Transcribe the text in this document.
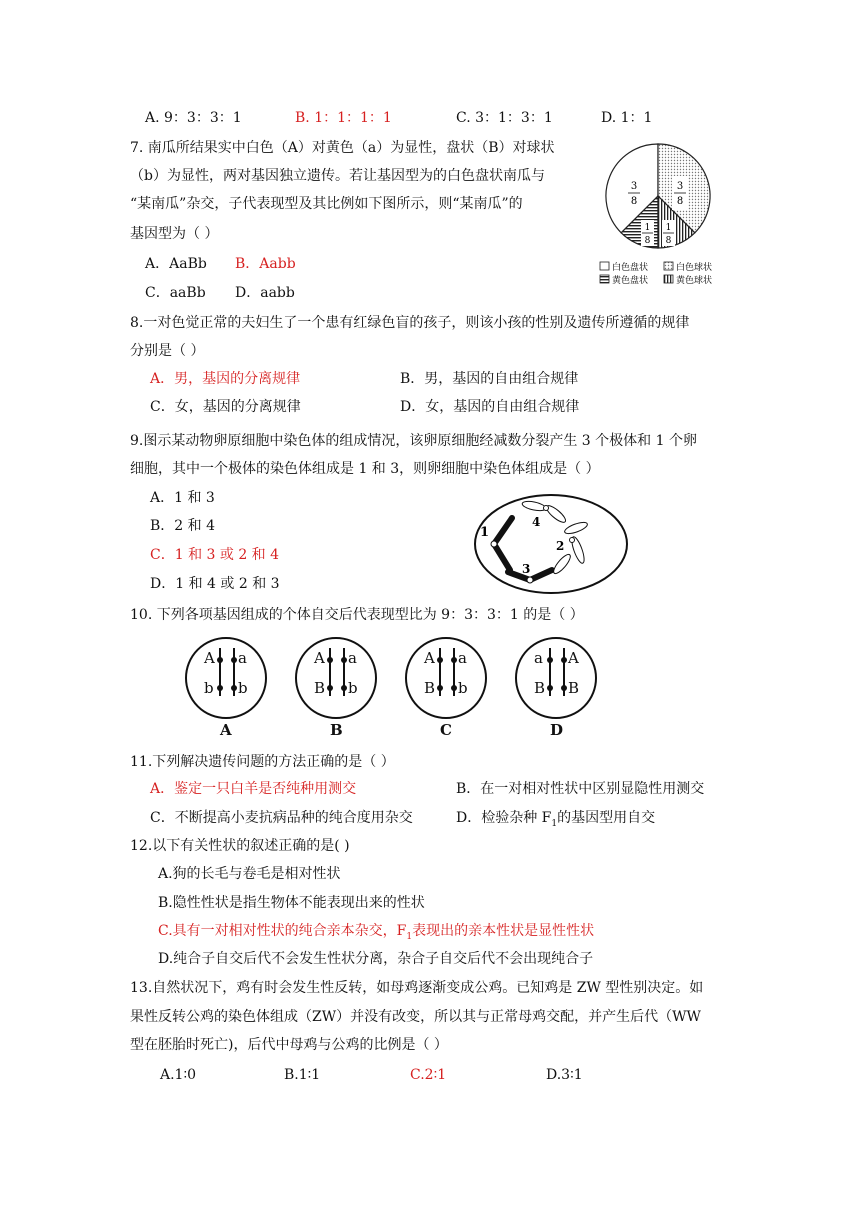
A. 9：3：3：1	B. 1：1：1：1	C. 3：1：3：1	D. 1：1
7. 南瓜所结果实中白色（A）对黄色（a）为显性，盘状（B）对球状
（b）为显性，两对基因独立遗传。若让基因型为的白色盘状南瓜与
“某南瓜”杂交，子代表现型及其比例如下图所示，则“某南瓜”的
基因型为（ ）
A．AaBb B．Aabb
C．aaBb D．aabb
3
8
3
8
1
8
1
8
白色盘状	白色球状
黄色盘状	黄色球状
8.一对色觉正常的夫妇生了一个患有红绿色盲的孩子，则该小孩的性别及遗传所遵循的规律
分别是（ ）
A．男，基因的分离规律	B．男，基因的自由组合规律
C．女，基因的分离规律	D．女，基因的自由组合规律
9.图示某动物卵原细胞中染色体的组成情况，该卵原细胞经减数分裂产生 3 个极体和 1 个卵
细胞，其中一个极体的染色体组成是 1 和 3，则卵细胞中染色体组成是（ ）
A．1 和 3
B．2 和 4
C．1 和 3 或 2 和 4
D．1 和 4 或 2 和 3
1
3
4
2
10. 下列各项基因组成的个体自交后代表现型比为 9：3：3：1 的是（ ）
A a
b b
A
A a
B b
B
A a
B b
C
a A
B B
D
11.下列解决遗传问题的方法正确的是（ ）
A．鉴定一只白羊是否纯种用测交	B．在一对相对性状中区别显隐性用测交
C．不断提高小麦抗病品种的纯合度用杂交	D．检验杂种 $F_1$的基因型用自交
12.以下有关性状的叙述正确的是( )
A.狗的长毛与卷毛是相对性状
B.隐性性状是指生物体不能表现出来的性状
C.具有一对相对性状的纯合亲本杂交，$F_1$表现出的亲本性状是显性性状
D.纯合子自交后代不会发生性状分离，杂合子自交后代不会出现纯合子
13.自然状况下，鸡有时会发生性反转，如母鸡逐渐变成公鸡。已知鸡是 ZW 型性别决定。如
果性反转公鸡的染色体组成（ZW）并没有改变，所以其与正常母鸡交配，并产生后代（WW
型在胚胎时死亡)，后代中母鸡与公鸡的比例是（ ）
A.1∶0	B.1∶1	C.2∶1	D.3∶1
